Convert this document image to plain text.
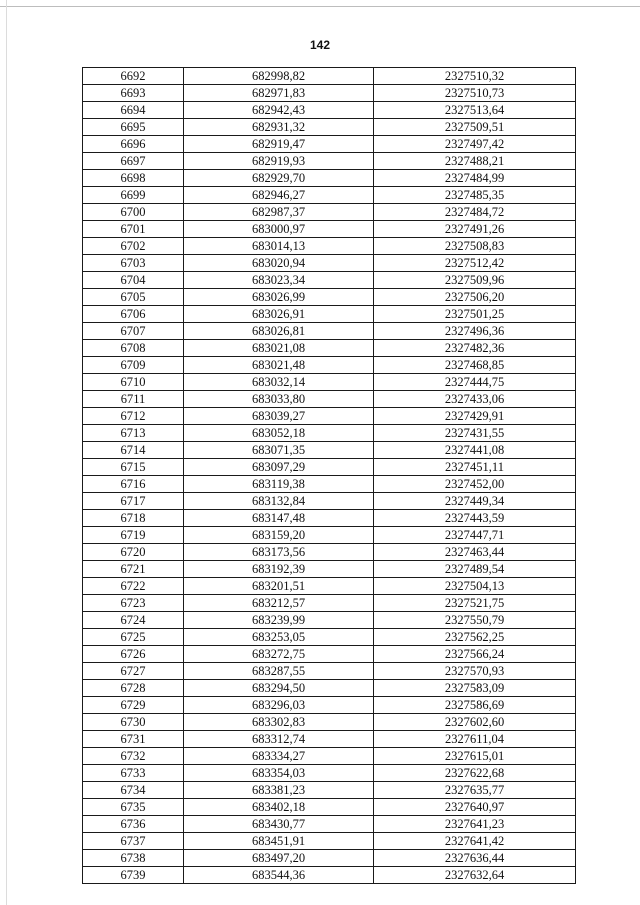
142
6692	682998,82	2327510,32
6693	682971,83	2327510,73
6694	682942,43	2327513,64
6695	682931,32	2327509,51
6696	682919,47	2327497,42
6697	682919,93	2327488,21
6698	682929,70	2327484,99
6699	682946,27	2327485,35
6700	682987,37	2327484,72
6701	683000,97	2327491,26
6702	683014,13	2327508,83
6703	683020,94	2327512,42
6704	683023,34	2327509,96
6705	683026,99	2327506,20
6706	683026,91	2327501,25
6707	683026,81	2327496,36
6708	683021,08	2327482,36
6709	683021,48	2327468,85
6710	683032,14	2327444,75
6711	683033,80	2327433,06
6712	683039,27	2327429,91
6713	683052,18	2327431,55
6714	683071,35	2327441,08
6715	683097,29	2327451,11
6716	683119,38	2327452,00
6717	683132,84	2327449,34
6718	683147,48	2327443,59
6719	683159,20	2327447,71
6720	683173,56	2327463,44
6721	683192,39	2327489,54
6722	683201,51	2327504,13
6723	683212,57	2327521,75
6724	683239,99	2327550,79
6725	683253,05	2327562,25
6726	683272,75	2327566,24
6727	683287,55	2327570,93
6728	683294,50	2327583,09
6729	683296,03	2327586,69
6730	683302,83	2327602,60
6731	683312,74	2327611,04
6732	683334,27	2327615,01
6733	683354,03	2327622,68
6734	683381,23	2327635,77
6735	683402,18	2327640,97
6736	683430,77	2327641,23
6737	683451,91	2327641,42
6738	683497,20	2327636,44
6739	683544,36	2327632,64
